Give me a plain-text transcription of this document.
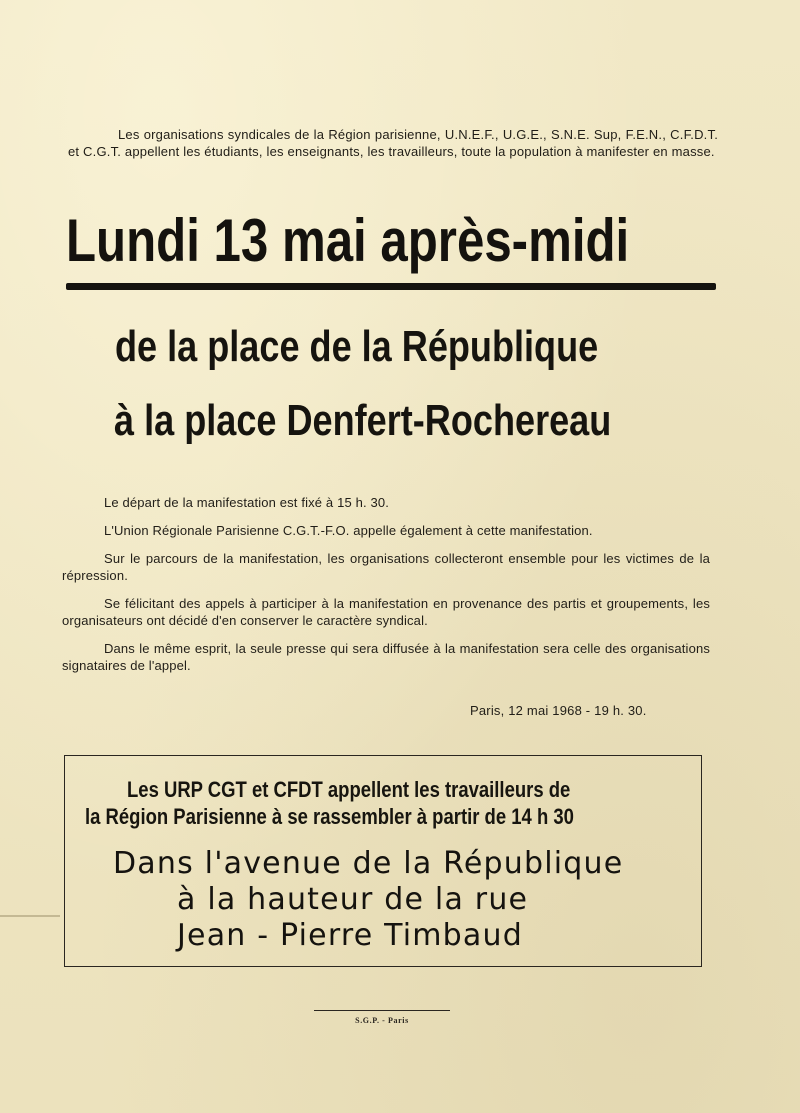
Les organisations syndicales de la Région parisienne, U.N.E.F., U.G.E., S.N.E. Sup, F.E.N., C.F.D.T. et C.G.T. appellent les étudiants, les enseignants, les travailleurs, toute la population à manifester en masse.
Lundi 13 mai après-midi
de la place de la République
à la place Denfert-Rochereau

Le départ de la manifestation est fixé à 15 h. 30.

L'Union Régionale Parisienne C.G.T.-F.O. appelle également à cette manifestation.

Sur le parcours de la manifestation, les organisations collecteront ensemble pour les victimes de la répression.

Se félicitant des appels à participer à la manifestation en provenance des partis et groupements, les organisateurs ont décidé d'en conserver le caractère syndical.

Dans le même esprit, la seule presse qui sera diffusée à la manifestation sera celle des organisations signataires de l'appel.

Paris, 12 mai 1968 - 19 h. 30.
Les URP CGT et CFDT appellent les travailleurs de
la Région Parisienne à se rassembler à partir de 14 h 30
Dans l'avenue de la République
à la hauteur de la rue
Jean - Pierre Timbaud
S.G.P. - Paris
